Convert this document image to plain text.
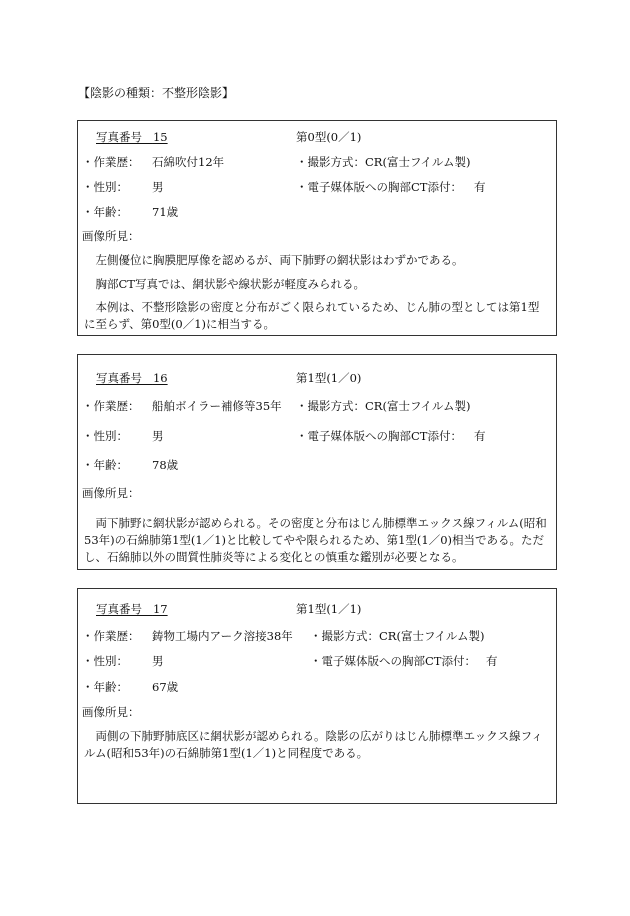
【陰影の種類：不整形陰影】
写真番号 15	第0型(0／1)
・作業歴： 石綿吹付12年	・撮影方式：CR(富士フイルム製)
・性別： 男	・電子媒体版への胸部CT添付： 有
・年齢： 71歳
画像所見：
左側優位に胸膜肥厚像を認めるが、両下肺野の網状影はわずかである。
胸部CT写真では、網状影や線状影が軽度みられる。
本例は、不整形陰影の密度と分布がごく限られているため、じん肺の型としては第1型に至らず、第0型(0／1)に相当する。
写真番号 16	第1型(1／0)
・作業歴： 船舶ボイラー補修等35年 ・撮影方式：CR(富士フイルム製)
・性別： 男	・電子媒体版への胸部CT添付： 有
・年齢： 78歳
画像所見：
両下肺野に網状影が認められる。その密度と分布はじん肺標準エックス線フィルム(昭和53年)の石綿肺第1型(1／1)と比較してやや限られるため、第1型(1／0)相当である。ただし、石綿肺以外の間質性肺炎等による変化との慎重な鑑別が必要となる。
写真番号 17	第1型(1／1)
・作業歴： 鋳物工場内アーク溶接38年 ・撮影方式：CR(富士フイルム製)
・性別： 男	・電子媒体版への胸部CT添付： 有
・年齢： 67歳
画像所見：
両側の下肺野肺底区に網状影が認められる。陰影の広がりはじん肺標準エックス線フィルム(昭和53年)の石綿肺第1型(1／1)と同程度である。
